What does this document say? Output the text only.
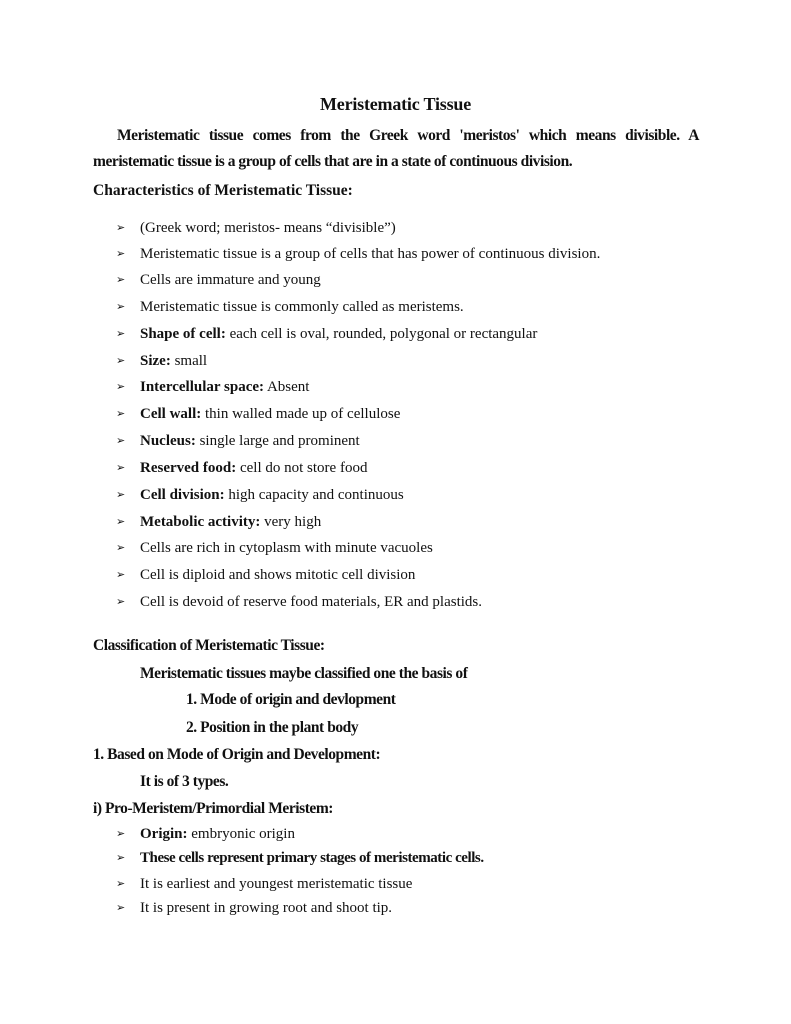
Meristematic Tissue
Meristematic tissue comes from the Greek word 'meristos' which means divisible. A
meristematic tissue is a group of cells that are in a state of continuous division.
Characteristics of Meristematic Tissue:
➢ (Greek word; meristos- means “divisible”)
➢ Meristematic tissue is a group of cells that has power of continuous division.
➢ Cells are immature and young
➢ Meristematic tissue is commonly called as meristems.
➢ Shape of cell: each cell is oval, rounded, polygonal or rectangular
➢ Size: small
➢ Intercellular space: Absent
➢ Cell wall: thin walled made up of cellulose
➢ Nucleus: single large and prominent
➢ Reserved food: cell do not store food
➢ Cell division: high capacity and continuous
➢ Metabolic activity: very high
➢ Cells are rich in cytoplasm with minute vacuoles
➢ Cell is diploid and shows mitotic cell division
➢ Cell is devoid of reserve food materials, ER and plastids.
Classification of Meristematic Tissue:
Meristematic tissues maybe classified one the basis of
1. Mode of origin and devlopment
2. Position in the plant body
1. Based on Mode of Origin and Development:
It is of 3 types.
i) Pro-Meristem/Primordial Meristem:
➢ Origin: embryonic origin
➢ These cells represent primary stages of meristematic cells.
➢ It is earliest and youngest meristematic tissue
➢ It is present in growing root and shoot tip.
